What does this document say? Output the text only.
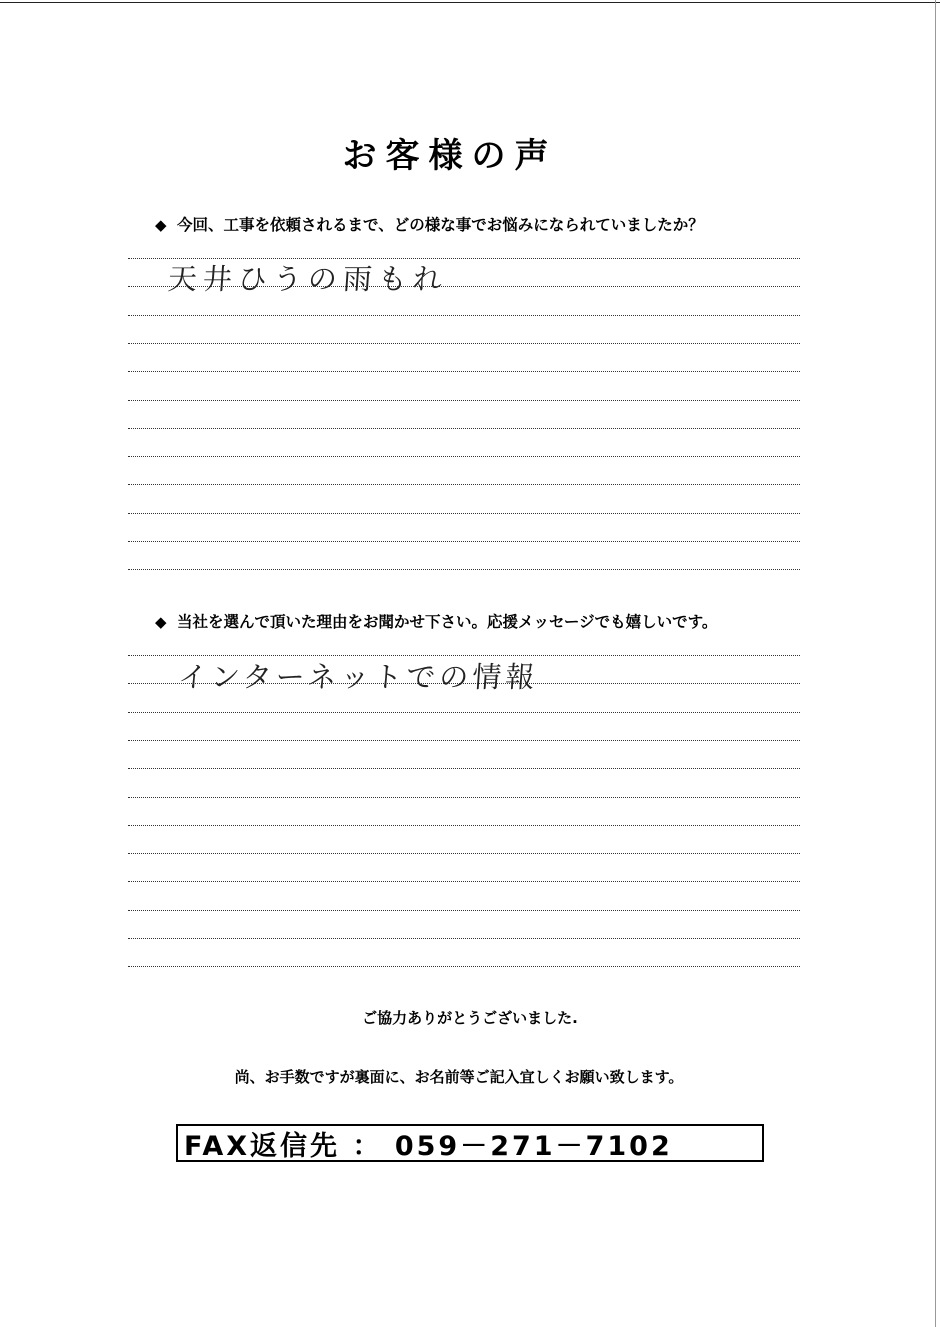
お客様の声
◆ 今回、工事を依頼されるまで、どの様な事でお悩みになられていましたか？
天井ひうの雨もれ
◆ 当社を選んで頂いた理由をお聞かせ下さい。応援メッセージでも嬉しいです。
インターネットでの情報
ご協力ありがとうございました.
尚、お手数ですが裏面に、お名前等ご記入宜しくお願い致します。
FAX返信先 ： 059－271－7102
